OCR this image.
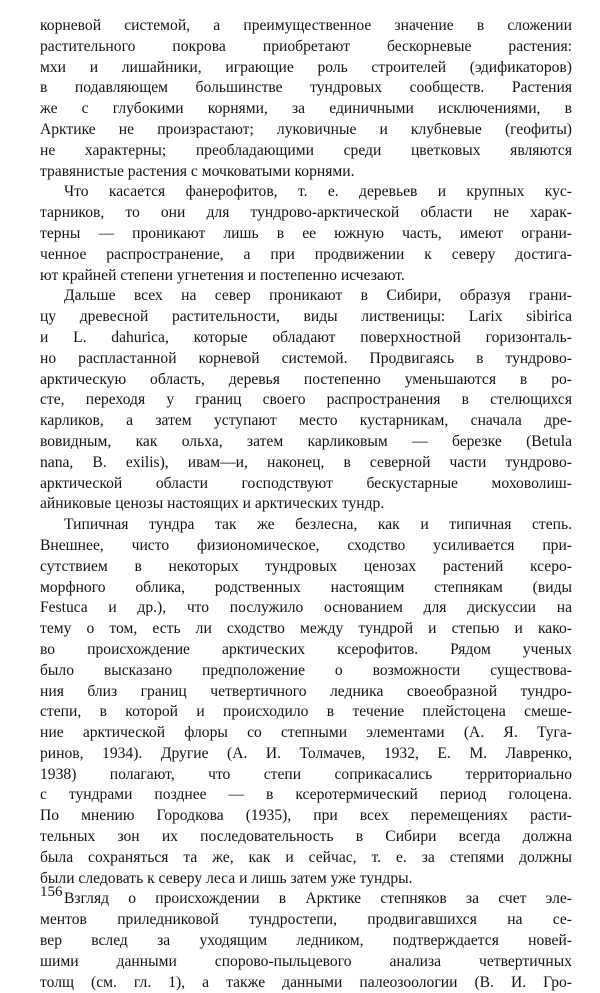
корневой системой, а преимущественное значение в сложении
растительного покрова приобретают бескорневые растения:
мхи и лишайники, играющие роль строителей (эдификаторов)
в подавляющем большинстве тундровых сообществ. Растения
же с глубокими корнями, за единичными исключениями, в
Арктике не произрастают; луковичные и клубневые (геофиты)
не характерны; преобладающими среди цветковых являются
травянистые растения с мочковатыми корнями.
Что касается фанерофитов, т. е. деревьев и крупных кус-
тарников, то они для тундрово-арктической области не харак-
терны — проникают лишь в ее южную часть, имеют ограни-
ченное распространение, а при продвижении к северу достига-
ют крайней степени угнетения и постепенно исчезают.
Дальше всех на север проникают в Сибири, образуя грани-
цу древесной растительности, виды лиственицы: Larix sibirica
и L. dahurica, которые обладают поверхностной горизонталь-
но распластанной корневой системой. Продвигаясь в тундрово-
арктическую область, деревья постепенно уменьшаются в ро-
сте, переходя у границ своего распространения в стелющихся
карликов, а затем уступают место кустарникам, сначала дре-
вовидным, как ольха, затем карликовым — березке (Betula
nana, B. exilis), ивам—и, наконец, в северной части тундрово-
арктической области господствуют бескустарные моховолиш-
айниковые ценозы настоящих и арктических тундр.
Типичная тундра так же безлесна, как и типичная степь.
Внешнее, чисто физиономическое, сходство усиливается при-
сутствием в некоторых тундровых ценозах растений ксеро-
морфного облика, родственных настоящим степнякам (виды
Festuca и др.), что послужило основанием для дискуссии на
тему о том, есть ли сходство между тундрой и степью и како-
во происхождение арктических ксерофитов. Рядом ученых
было высказано предположение о возможности существова-
ния близ границ четвертичного ледника своеобразной тундро-
степи, в которой и происходило в течение плейстоцена смеше-
ние арктической флоры со степными элементами (А. Я. Туга-
ринов, 1934). Другие (А. И. Толмачев, 1932, Е. М. Лавренко,
1938) полагают, что степи соприкасались территориально
с тундрами позднее — в ксеротермический период голоцена.
По мнению Городкова (1935), при всех перемещениях расти-
тельных зон их последовательность в Сибири всегда должна
была сохраняться та же, как и сейчас, т. е. за степями должны
были следовать к северу леса и лишь затем уже тундры.
Взгляд о происхождении в Арктике степняков за счет эле-
ментов приледниковой тундростепи, продвигавшихся на се-
вер вслед за уходящим ледником, подтверждается новей-
шими данными спорово-пыльцевого анализа четвертичных
толщ (см. гл. 1), а также данными палеозоологии (В. И. Гро-
156
